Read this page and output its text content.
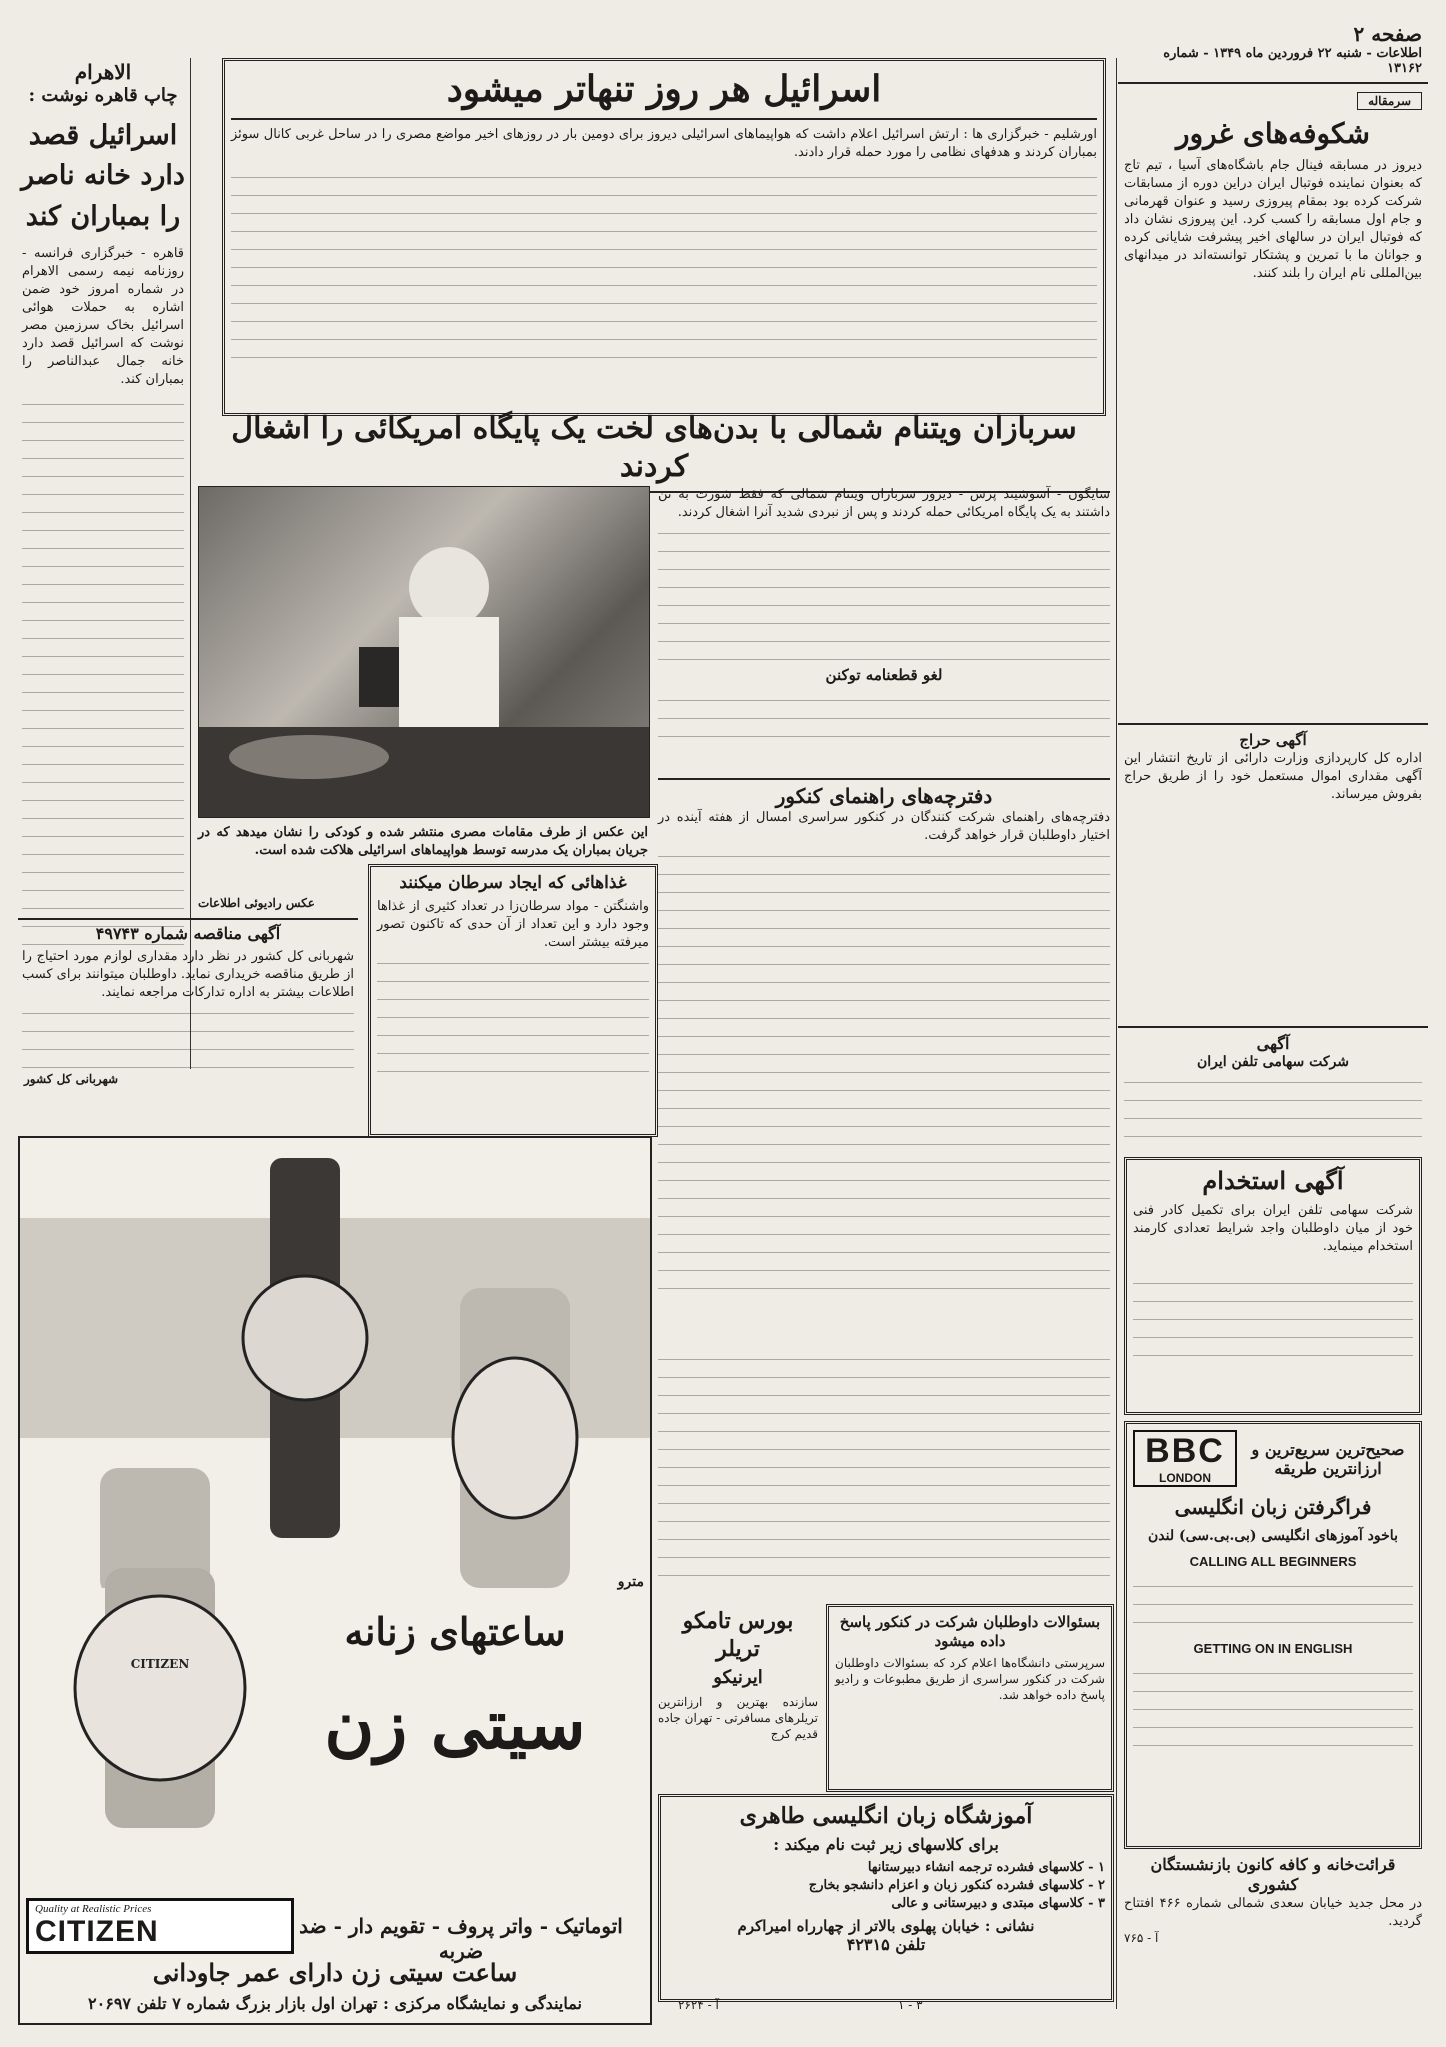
صفحه ۲
اطلاعات - شنبه ۲۲ فروردین ماه ۱۳۴۹ - شماره ۱۳۱۶۲
سرمقاله
شکوفه‌های غرور
دیروز در مسابقه فینال جام باشگاه‌های آسیا ، تیم تاج که بعنوان نماینده فوتبال ایران دراین دوره از مسابقات شرکت کرده بود بمقام پیروزی رسید و عنوان قهرمانی و جام اول مسابقه را کسب کرد. این پیروزی نشان داد که فوتبال ایران در سالهای اخیر پیشرفت شایانی کرده و جوانان ما با تمرین و پشتکار توانسته‌اند در میدانهای بین‌المللی نام ایران را بلند کنند.
آگهی حراج
اداره کل کارپردازی وزارت دارائی از تاریخ انتشار این آگهی مقداری اموال مستعمل خود را از طریق حراج بفروش میرساند.
آگهی
شرکت سهامی تلفن ایران
آگهی استخدام
شرکت سهامی تلفن ایران برای تکمیل کادر فنی خود از میان داوطلبان واجد شرایط تعدادی کارمند استخدام مینماید.
صحیح‌ترین سریع‌ترین و ارزانترین طریقه
BBC
LONDON
فراگرفتن زبان انگلیسی
باخود آموزهای انگلیسی (بی.بی.سی) لندن
CALLING ALL BEGINNERS
GETTING ON IN ENGLISH
قرائت‌خانه و کافه کانون بازنشستگان کشوری
در محل جدید خیابان سعدی شمالی شماره ۴۶۶ افتتاح گردید.
آ - ۷۶۵
الاهرام
چاپ قاهره نوشت :
اسرائیل قصد دارد خانه ناصر را بمباران کند
قاهره - خبرگزاری فرانسه - روزنامه نیمه رسمی الاهرام در شماره امروز خود ضمن اشاره به حملات هوائی اسرائیل بخاک سرزمین مصر نوشت که اسرائیل قصد دارد خانه جمال عبدالناصر را بمباران کند.
اسرائیل هر روز تنهاتر میشود
اورشلیم - خبرگزاری ها : ارتش اسرائیل اعلام داشت که هواپیماهای اسرائیلی دیروز برای دومین بار در روزهای اخیر مواضع مصری را در ساحل غربی کانال سوئز بمباران کردند و هدفهای نظامی را مورد حمله قرار دادند.
سربازان ویتنام شمالی با بدن‌های لخت یک پایگاه امریکائی را اشغال کردند
این عکس از طرف مقامات مصری منتشر شده و کودکی را نشان میدهد که در جریان بمباران یک مدرسه توسط هواپیماهای اسرائیلی هلاکت شده است.
عکس رادیوئی اطلاعات
سایگون - آسوشیتد پرس - دیروز سربازان ویتنام شمالی که فقط شورت به تن داشتند به یک پایگاه امریکائی حمله کردند و پس از نبردی شدید آنرا اشغال کردند.
لغو قطعنامه توکنن
دفترچه‌های راهنمای کنکور
دفترچه‌های راهنمای شرکت کنندگان در کنکور سراسری امسال از هفته آینده در اختیار داوطلبان قرار خواهد گرفت.
آگهی مناقصه شماره ۴۹۷۴۳
شهربانی کل کشور در نظر دارد مقداری لوازم مورد احتیاج را از طریق مناقصه خریداری نماید. داوطلبان میتوانند برای کسب اطلاعات بیشتر به اداره تدارکات مراجعه نمایند.
شهربانی کل کشور
غذاهائی که ایجاد سرطان میکنند
واشنگتن - مواد سرطان‌زا در تعداد کثیری از غذاها وجود دارد و این تعداد از آن حدی که تاکنون تصور میرفته بیشتر است.
CITIZEN
مترو
ساعتهای زنانه
سیتی زن
Quality at Realistic Prices
CITIZEN	اتوماتیک - واتر پروف - تقویم دار - ضد ضربه
ساعت سیتی زن دارای عمر جاودانی
نمایندگی و نمایشگاه مرکزی : تهران اول بازار بزرگ شماره ۷ تلفن ۲۰۶۹۷
بورس تامکو تریلر
ایرنیکو
سازنده بهترین و ارزانترین تریلرهای مسافرتی - تهران جاده قدیم کرج
بسئوالات داوطلبان شرکت در کنکور پاسخ داده میشود
سرپرستی دانشگاه‌ها اعلام کرد که بسئوالات داوطلبان شرکت در کنکور سراسری از طریق مطبوعات و رادیو پاسخ داده خواهد شد.
آموزشگاه زبان انگلیسی طاهری
برای کلاسهای زیر ثبت نام میکند :
۱ - کلاسهای فشرده ترجمه انشاء دبیرستانها
۲ - کلاسهای فشرده کنکور زبان و اعزام دانشجو بخارج
۳ - کلاسهای مبتدی و دبیرستانی و عالی
نشانی : خیابان پهلوی بالاتر از چهارراه امیراکرم
تلفن ۴۲۳۱۵
آ - ۲۶۲۴	۳ - ۱
